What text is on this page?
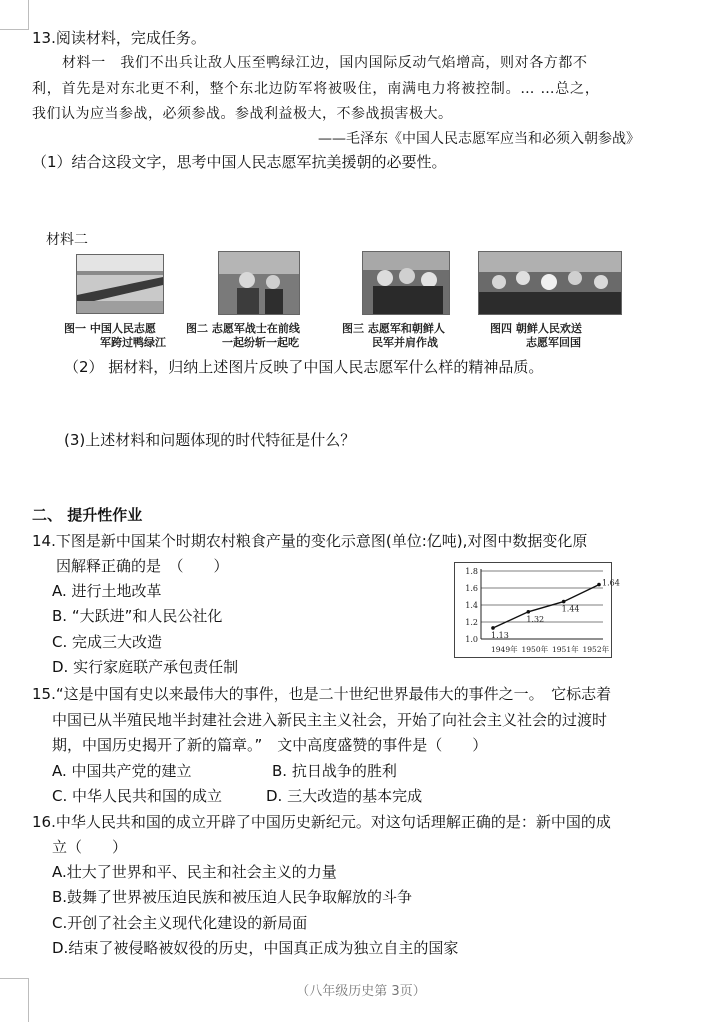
13.阅读材料，完成任务。
材料一　我们不出兵让敌人压至鸭绿江边，国内国际反动气焰增高，则对各方都不
利，首先是对东北更不利，整个东北边防军将被吸住，南满电力将被控制。… …总之，
我们认为应当参战，必须参战。参战利益极大，不参战损害极大。
——毛泽东《中国人民志愿军应当和必须入朝参战》
（1）结合这段文字，思考中国人民志愿军抗美援朝的必要性。
材料二
图一 中国人民志愿
军跨过鸭绿江
图二 志愿军战士在前线
一起纷斩一起吃
图三 志愿军和朝鲜人
民军并肩作战
图四 朝鲜人民欢送
志愿军回国
（2） 据材料，归纳上述图片反映了中国人民志愿军什么样的精神品质。
(3)上述材料和问题体现的时代特征是什么？
二、 提升性作业
14.下图是新中国某个时期农村粮食产量的变化示意图(单位:亿吨),对图中数据变化原
因解释正确的是　（　　）
A. 进行土地改革
B. “大跃进”和人民公社化
C. 完成三大改造
D. 实行家庭联产承包责任制
1.0
1.2
1.4
1.6
1.8
1949年 1950年 1951年 1952年
1.13
1.32
1.44
1.64
15.“这是中国有史以来最伟大的事件，也是二十世纪世界最伟大的事件之一。　它标志着
中国已从半殖民地半封建社会进入新民主主义社会，开始了向社会主义社会的过渡时
期，中国历史揭开了新的篇章。”　文中高度盛赞的事件是（　　）
A. 中国共产党的建立	B. 抗日战争的胜利
C. 中华人民共和国的成立	D. 三大改造的基本完成
16.中华人民共和国的成立开辟了中国历史新纪元。对这句话理解正确的是：新中国的成
立（　　）
A.壮大了世界和平、民主和社会主义的力量
B.鼓舞了世界被压迫民族和被压迫人民争取解放的斗争
C.开创了社会主义现代化建设的新局面
D.结束了被侵略被奴役的历史，中国真正成为独立自主的国家
（八年级历史第 3页）
